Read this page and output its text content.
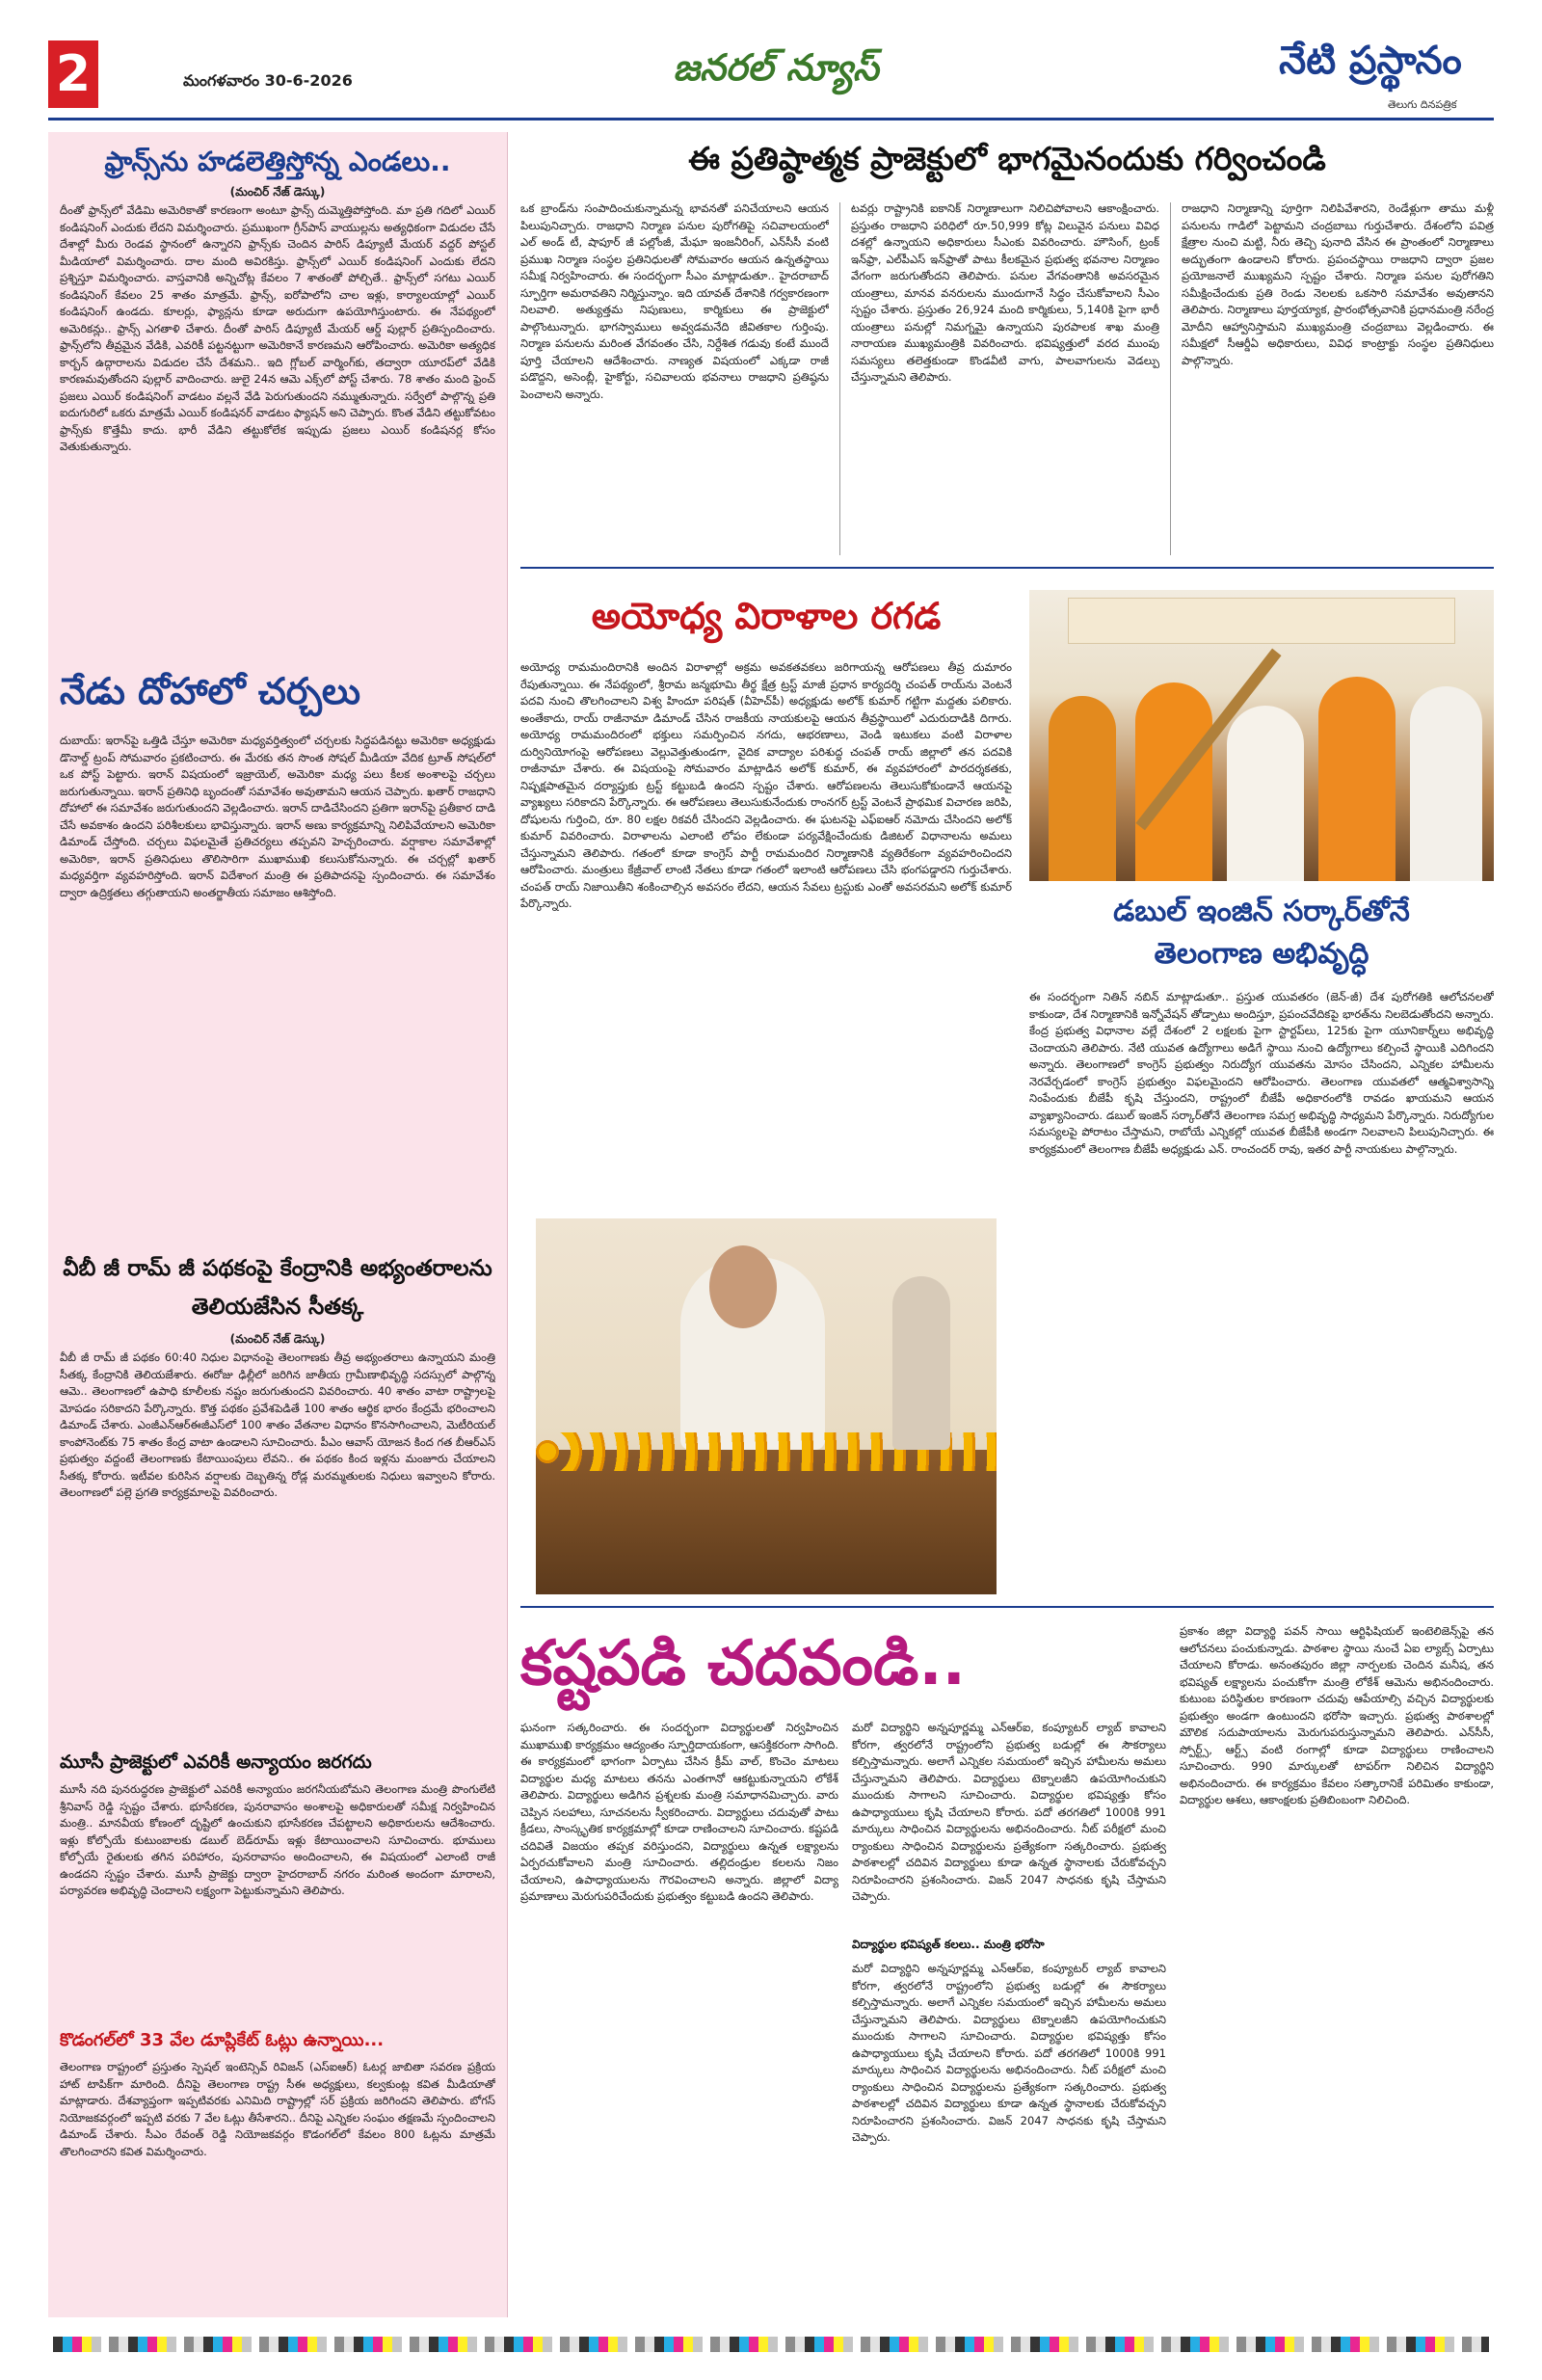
2	మంగళవారం 30-6-2026	జనరల్ న్యూస్	నేటి ప్రస్థానం
తెలుగు దినపత్రిక
ఫ్రాన్స్‌ను హడలెత్తిస్తోన్న ఎండలు..
(మంచిర్ నేజ్ డెస్కు)
దీంతో ఫ్రాన్స్‌లో వేడిమి అమెరికాతో కారణంగా అంటూ ఫ్రాన్స్ దుమ్మెత్తిపోస్తోంది. మా ప్రతి గదిలో ఎయిర్ కండిషనింగ్ ఎందుకు లేదని విమర్శించారు. ప్రముఖంగా గ్రీన్‌పాస్ వాయుల్లను అత్యధికంగా విడుదల చేసే దేశాల్లో మీరు రెండవ స్థానంలో ఉన్నారని ఫ్రాన్స్‌కు చెందిన పారిస్ డిప్యూటీ మేయర్ వద్దర్ పోస్టల్ మీడియాలో విమర్శించారు. దాల మంది అవిరకిస్తు. ఫ్రాన్స్‌లో ఎయిర్ కండిషనింగ్ ఎందుకు లేదని ప్రశ్నిస్తూ విమర్శించారు. వాస్తవానికి అన్నిచోట్ల కేవలం 7 శాతంతో పోల్చితే.. ఫ్రాన్స్‌లో సగటు ఎయిర్ కండిషనింగ్ కేవలం 25 శాతం మాత్రమే. ఫ్రాన్స్, ఐరోపాలోని చాల ఇళ్లు, కార్యాలయాల్లో ఎయిర్ కండిషనింగ్ ఉండదు. కూలర్లు, ఫ్యాన్లను కూడా అరుదుగా ఉపయోగిస్తుంటారు. ఈ నేపథ్యంలో అమెరికన్లు.. ఫ్రాన్స్ ఎగతాళి చేశారు. దీంతో పారిస్ డిప్యూటీ మేయర్ ఆర్డ్ పుల్లార్ ప్రతిస్పందించారు. ఫ్రాన్స్‌లోని తీవ్రమైన వేడికి, ఎవరికీ పట్టనట్టుగా అమెరికానే కారణమని ఆరోపించారు. అమెరికా అత్యధిక కార్బన్ ఉద్గారాలను విడుదల చేసే దేశమని.. ఇది గ్లోబల్ వార్మింగ్‌కు, తద్వారా యూరప్‌లో వేడికి కారణమవుతోందని పుల్లార్ వాదించారు. జులై 24న ఆమె ఎక్స్‌లో పోస్ట్ చేశారు. 78 శాతం మంది ఫ్రెంచ్ ప్రజలు ఎయిర్ కండిషనింగ్ వాడటం వల్లనే వేడి పెరుగుతుందని నమ్ముతున్నారు. సర్వేలో పాల్గొన్న ప్రతి ఐదుగురిలో ఒకరు మాత్రమే ఎయిర్ కండిషనర్ వాడటం ఫ్యాషన్ అని చెప్పారు. కొంత వేడిని తట్టుకోవటం ఫ్రాన్స్‌కు కొత్తేమీ కాదు. భారీ వేడిని తట్టుకోలేక ఇప్పుడు ప్రజలు ఎయిర్ కండిషనర్ల కోసం వెతుకుతున్నారు.
నేడు దోహాలో చర్చలు
దుబాయ్: ఇరాన్‌పై ఒత్తిడి చేస్తూ అమెరికా మధ్యవర్తిత్వంలో చర్చలకు సిద్ధపడినట్టు అమెరికా అధ్యక్షుడు డొనాల్డ్ ట్రంప్ సోమవారం ప్రకటించారు. ఈ మేరకు తన సొంత సోషల్ మీడియా వేదిక ట్రూత్ సోషల్‌లో ఒక పోస్ట్ పెట్టారు. ఇరాన్ విషయంలో ఇజ్రాయెల్, అమెరికా మధ్య పలు కీలక అంశాలపై చర్చలు జరుగుతున్నాయి. ఇరాన్ ప్రతినిధి బృందంతో సమావేశం అవుతామని ఆయన చెప్పారు. ఖతార్ రాజధాని దోహాలో ఈ సమావేశం జరుగుతుందని వెల్లడించారు. ఇరాన్ దాడిచేసిందని ప్రతిగా ఇరాన్‌పై ప్రతీకార దాడి చేసే అవకాశం ఉందని పరిశీలకులు భావిస్తున్నారు. ఇరాన్ అణు కార్యక్రమాన్ని నిలిపివేయాలని అమెరికా డిమాండ్ చేస్తోంది. చర్చలు విఫలమైతే ప్రతిచర్యలు తప్పవని హెచ్చరించారు. వర్షాకాల సమావేశాల్లో అమెరికా, ఇరాన్ ప్రతినిధులు తొలిసారిగా ముఖాముఖి కలుసుకోనున్నారు. ఈ చర్చల్లో ఖతార్ మధ్యవర్తిగా వ్యవహరిస్తోంది. ఇరాన్ విదేశాంగ మంత్రి ఈ ప్రతిపాదనపై స్పందించారు. ఈ సమావేశం ద్వారా ఉద్రిక్తతలు తగ్గుతాయని అంతర్జాతీయ సమాజం ఆశిస్తోంది.
వీబీ జీ రామ్ జీ పథకంపై కేంద్రానికి అభ్యంతరాలను తెలియజేసిన సీతక్క
(మంచిర్ నేజ్ డెస్కు)
వీబీ జీ రామ్ జీ పథకం 60:40 నిధుల విధానంపై తెలంగాణకు తీవ్ర అభ్యంతరాలు ఉన్నాయని మంత్రి సీతక్క కేంద్రానికి తెలియజేశారు. ఈరోజు ఢిల్లీలో జరిగిన జాతీయ గ్రామీణాభివృద్ధి సదస్సులో పాల్గొన్న ఆమె.. తెలంగాణలో ఉపాధి కూలీలకు నష్టం జరుగుతుందని వివరించారు. 40 శాతం వాటా రాష్ట్రాలపై మోపడం సరికాదని పేర్కొన్నారు. కొత్త పథకం ప్రవేశపెడితే 100 శాతం ఆర్థిక భారం కేంద్రమే భరించాలని డిమాండ్ చేశారు. ఎంజీఎన్ఆర్ఈజీఎస్‌లో 100 శాతం వేతనాల విధానం కొనసాగించాలని, మెటీరియల్ కాంపోనెంట్‌కు 75 శాతం కేంద్ర వాటా ఉండాలని సూచించారు. పీఎం ఆవాస్ యోజన కింద గత బీఆర్ఎస్ ప్రభుత్వం వద్దంటే తెలంగాణకు కేటాయింపులు లేవని.. ఈ పథకం కింద ఇళ్లను మంజూరు చేయాలని సీతక్క కోరారు. ఇటీవల కురిసిన వర్షాలకు దెబ్బతిన్న రోడ్ల మరమ్మతులకు నిధులు ఇవ్వాలని కోరారు. తెలంగాణలో పల్లె ప్రగతి కార్యక్రమాలపై వివరించారు.
మూసీ ప్రాజెక్టులో ఎవరికీ అన్యాయం జరగదు
మూసీ నది పునరుద్ధరణ ప్రాజెక్టులో ఎవరికీ అన్యాయం జరగనీయబోమని తెలంగాణ మంత్రి పొంగులేటి శ్రీనివాస్ రెడ్డి స్పష్టం చేశారు. భూసేకరణ, పునరావాసం అంశాలపై అధికారులతో సమీక్ష నిర్వహించిన మంత్రి.. మానవీయ కోణంలో దృష్టిలో ఉంచుకుని భూసేకరణ చేపట్టాలని అధికారులను ఆదేశించారు. ఇళ్లు కోల్పోయే కుటుంబాలకు డబుల్ బెడ్‌రూమ్ ఇళ్లు కేటాయించాలని సూచించారు. భూములు కోల్పోయే రైతులకు తగిన పరిహారం, పునరావాసం అందించాలని, ఈ విషయంలో ఎలాంటి రాజీ ఉండదని స్పష్టం చేశారు. మూసీ ప్రాజెక్టు ద్వారా హైదరాబాద్ నగరం మరింత అందంగా మారాలని, పర్యావరణ అభివృద్ధి చెందాలని లక్ష్యంగా పెట్టుకున్నామని తెలిపారు.
కొడంగల్‌లో 33 వేల డూప్లికేట్ ఓట్లు ఉన్నాయి...
తెలంగాణ రాష్ట్రంలో ప్రస్తుతం స్పెషల్ ఇంటెన్సివ్ రివిజన్ (ఎస్ఐఆర్) ఓటర్ల జాబితా సవరణ ప్రక్రియ హాట్ టాపిక్‌గా మారింది. దీనిపై తెలంగాణ రాష్ట్ర సీఈ అధ్యక్షులు, కల్వకుంట్ల కవిత మీడియాతో మాట్లాడారు. దేశవ్యాప్తంగా ఇప్పటివరకు ఎనిమిది రాష్ట్రాల్లో సర్ ప్రక్రియ జరిగిందని తెలిపారు. బోగస్ నియోజకవర్గంలో ఇప్పటి వరకు 7 వేల ఓట్లు తీసేశారని.. దీనిపై ఎన్నికల సంఘం తక్షణమే స్పందించాలని డిమాండ్ చేశారు. సీఎం రేవంత్ రెడ్డి నియోజకవర్గం కొడంగల్‌లో కేవలం 800 ఓట్లను మాత్రమే తొలగించారని కవిత విమర్శించారు.
ఈ ప్రతిష్ఠాత్మక ప్రాజెక్టులో భాగమైనందుకు గర్వించండి
ఒక బ్రాండ్‌ను సంపాదించుకున్నామన్న భావనతో పనిచేయాలని ఆయన పిలుపునిచ్చారు. రాజధాని నిర్మాణ పనుల పురోగతిపై సచివాలయంలో ఎల్ అండ్ టీ, షాపూర్ జీ పల్లోంజీ, మేఘా ఇంజనీరింగ్, ఎన్‌సీసీ వంటి ప్రముఖ నిర్మాణ సంస్థల ప్రతినిధులతో సోమవారం ఆయన ఉన్నతస్థాయి సమీక్ష నిర్వహించారు. ఈ సందర్భంగా సీఎం మాట్లాడుతూ.. హైదరాబాద్ స్ఫూర్తిగా అమరావతిని నిర్మిస్తున్నాం. ఇది యావత్ దేశానికి గర్వకారణంగా నిలవాలి. అత్యుత్తమ నిపుణులు, కార్మికులు ఈ ప్రాజెక్టులో పాల్గొంటున్నారు. భాగస్వాములు అవ్వడమనేది జీవితకాల గుర్తింపు. నిర్మాణ పనులను మరింత వేగవంతం చేసి, నిర్దేశిత గడువు కంటే ముందే పూర్తి చేయాలని ఆదేశించారు. నాణ్యత విషయంలో ఎక్కడా రాజీ పడొద్దని, అసెంబ్లీ, హైకోర్టు, సచివాలయ భవనాలు రాజధాని ప్రతిష్ఠను పెంచాలని అన్నారు.
టవర్లు రాష్ట్రానికి ఐకానిక్ నిర్మాణాలుగా నిలిచిపోవాలని ఆకాంక్షించారు. ప్రస్తుతం రాజధాని పరిధిలో రూ.50,999 కోట్ల విలువైన పనులు వివిధ దశల్లో ఉన్నాయని అధికారులు సీఎంకు వివరించారు. హౌసింగ్, ట్రంక్ ఇన్‌ఫ్రా, ఎల్‌పీఎస్ ఇన్‌ఫ్రాతో పాటు కీలకమైన ప్రభుత్వ భవనాల నిర్మాణం వేగంగా జరుగుతోందని తెలిపారు. పనుల వేగవంతానికి అవసరమైన యంత్రాలు, మానవ వనరులను ముందుగానే సిద్ధం చేసుకోవాలని సీఎం స్పష్టం చేశారు. ప్రస్తుతం 26,924 మంది కార్మికులు, 5,140కి పైగా భారీ యంత్రాలు పనుల్లో నిమగ్నమై ఉన్నాయని పురపాలక శాఖ మంత్రి నారాయణ ముఖ్యమంత్రికి వివరించారు. భవిష్యత్తులో వరద ముంపు సమస్యలు తలెత్తకుండా కొండవీటి వాగు, పాలవాగులను వెడల్పు చేస్తున్నామని తెలిపారు.
రాజధాని నిర్మాణాన్ని పూర్తిగా నిలిపివేశారని, రెండేళ్లుగా తాము మళ్లీ పనులను గాడిలో పెట్టామని చంద్రబాబు గుర్తుచేశారు. దేశంలోని పవిత్ర క్షేత్రాల నుంచి మట్టి, నీరు తెచ్చి పునాది వేసిన ఈ ప్రాంతంలో నిర్మాణాలు అద్భుతంగా ఉండాలని కోరారు. ప్రపంచస్థాయి రాజధాని ద్వారా ప్రజల ప్రయోజనాలే ముఖ్యమని స్పష్టం చేశారు. నిర్మాణ పనుల పురోగతిని సమీక్షించేందుకు ప్రతి రెండు నెలలకు ఒకసారి సమావేశం అవుతానని తెలిపారు. నిర్మాణాలు పూర్తయ్యాక, ప్రారంభోత్సవానికి ప్రధానమంత్రి నరేంద్ర మోదీని ఆహ్వానిస్తామని ముఖ్యమంత్రి చంద్రబాబు వెల్లడించారు. ఈ సమీక్షలో సీఆర్డీఏ అధికారులు, వివిధ కాంట్రాక్టు సంస్థల ప్రతినిధులు పాల్గొన్నారు.
అయోధ్య విరాళాల రగడ
అయోధ్య రామమందిరానికి అందిన విరాళాల్లో అక్రమ అవకతవకలు జరిగాయన్న ఆరోపణలు తీవ్ర దుమారం రేపుతున్నాయి. ఈ నేపథ్యంలో, శ్రీరామ జన్మభూమి తీర్థ క్షేత్ర ట్రస్ట్ మాజీ ప్రధాన కార్యదర్శి చంపత్ రాయ్‌ను వెంటనే పదవి నుంచి తొలగించాలని విశ్వ హిందూ పరిషత్ (వీహెచ్‌పీ) అధ్యక్షుడు అలోక్ కుమార్ గట్టిగా మద్దతు పలికారు. అంతేకాదు, రాయ్ రాజీనామా డిమాండ్ చేసిన రాజకీయ నాయకులపై ఆయన తీవ్రస్థాయిలో ఎదురుదాడికి దిగారు. అయోధ్య రామమందిరంలో భక్తులు సమర్పించిన నగదు, ఆభరణాలు, వెండి ఇటుకలు వంటి విరాళాల దుర్వినియోగంపై ఆరోపణలు వెల్లువెత్తుతుండగా, వైదిక వాద్యాల పరిశుద్ధ చంపత్ రాయ్ జిల్లాలో తన పదవికి రాజీనామా చేశారు. ఈ విషయంపై సోమవారం మాట్లాడిన అలోక్ కుమార్, ఈ వ్యవహారంలో పారదర్శకతకు, నిష్పక్షపాతమైన దర్యాప్తుకు ట్రస్ట్ కట్టుబడి ఉందని స్పష్టం చేశారు. ఆరోపణలను తెలుసుకోకుండానే ఆయనపై వ్యాఖ్యలు సరికాదని పేర్కొన్నారు. ఈ ఆరోపణలు తెలుసుకునేందుకు రాంనగర్ ట్రస్ట్ వెంటనే ప్రాథమిక విచారణ జరిపి, దోషులను గుర్తించి, రూ. 80 లక్షల రికవరీ చేసిందని వెల్లడించారు. ఈ ఘటనపై ఎఫ్ఐఆర్ నమోదు చేసిందని అలోక్ కుమార్ వివరించారు. విరాళాలను ఎలాంటి లోపం లేకుండా పర్యవేక్షించేందుకు డిజిటల్ విధానాలను అమలు చేస్తున్నామని తెలిపారు. గతంలో కూడా కాంగ్రెస్ పార్టీ రామమందిర నిర్మాణానికి వ్యతిరేకంగా వ్యవహరించిందని ఆరోపించారు. మంత్రులు కేజ్రీవాల్ లాంటి నేతలు కూడా గతంలో ఇలాంటి ఆరోపణలు చేసి భంగపడ్డారని గుర్తుచేశారు. చంపత్ రాయ్ నిజాయితీని శంకించాల్సిన అవసరం లేదని, ఆయన సేవలు ట్రస్టుకు ఎంతో అవసరమని అలోక్ కుమార్ పేర్కొన్నారు.	డబుల్ ఇంజిన్ సర్కార్‌తోనే
తెలంగాణ అభివృద్ధి
ఈ సందర్భంగా నితిన్ నబిన్ మాట్లాడుతూ.. ప్రస్తుత యువతరం (జెన్-జీ) దేశ పురోగతికి ఆలోచనలతో కాకుండా, దేశ నిర్మాణానికి ఇన్నోవేషన్ తోడ్పాటు అందిస్తూ, ప్రపంచవేదికపై భారత్‌ను నిలబెడుతోందని అన్నారు. కేంద్ర ప్రభుత్వ విధానాల వల్లే దేశంలో 2 లక్షలకు పైగా స్టార్టప్‌లు, 125కు పైగా యూనికార్న్‌లు అభివృద్ధి చెందాయని తెలిపారు. నేటి యువత ఉద్యోగాలు అడిగే స్థాయి నుంచి ఉద్యోగాలు కల్పించే స్థాయికి ఎదిగిందని అన్నారు. తెలంగాణలో కాంగ్రెస్ ప్రభుత్వం నిరుద్యోగ యువతను మోసం చేసిందని, ఎన్నికల హామీలను నెరవేర్చడంలో కాంగ్రెస్ ప్రభుత్వం విఫలమైందని ఆరోపించారు. తెలంగాణ యువతలో ఆత్మవిశ్వాసాన్ని నింపేందుకు బీజేపీ కృషి చేస్తుందని, రాష్ట్రంలో బీజేపీ అధికారంలోకి రావడం ఖాయమని ఆయన వ్యాఖ్యానించారు. డబుల్ ఇంజిన్ సర్కార్‌తోనే తెలంగాణ సమగ్ర అభివృద్ధి సాధ్యమని పేర్కొన్నారు. నిరుద్యోగుల సమస్యలపై పోరాటం చేస్తామని, రాబోయే ఎన్నికల్లో యువత బీజేపీకి అండగా నిలవాలని పిలుపునిచ్చారు. ఈ కార్యక్రమంలో తెలంగాణ బీజేపీ అధ్యక్షుడు ఎన్. రాంచందర్ రావు, ఇతర పార్టీ నాయకులు పాల్గొన్నారు.
కష్టపడి చదవండి..
ఘనంగా సత్కరించారు. ఈ సందర్భంగా విద్యార్థులతో నిర్వహించిన ముఖాముఖి కార్యక్రమం ఆద్యంతం స్ఫూర్తిదాయకంగా, ఆసక్తికరంగా సాగింది. ఈ కార్యక్రమంలో భాగంగా ఏర్పాటు చేసిన క్రీమ్ వాల్, కొంచెం మాటలు విద్యార్థుల మధ్య మాటలు తనను ఎంతగానో ఆకట్టుకున్నాయని లోకేశ్ తెలిపారు. విద్యార్థులు అడిగిన ప్రశ్నలకు మంత్రి సమాధానమిచ్చారు. వారు చెప్పిన సలహాలు, సూచనలను స్వీకరించారు. విద్యార్థులు చదువుతో పాటు క్రీడలు, సాంస్కృతిక కార్యక్రమాల్లో కూడా రాణించాలని సూచించారు. కష్టపడి చదివితే విజయం తప్పక వరిస్తుందని, విద్యార్థులు ఉన్నత లక్ష్యాలను ఏర్పరచుకోవాలని మంత్రి సూచించారు. తల్లిదండ్రుల కలలను నిజం చేయాలని, ఉపాధ్యాయులను గౌరవించాలని అన్నారు. జిల్లాలో విద్యా ప్రమాణాలు మెరుగుపరిచేందుకు ప్రభుత్వం కట్టుబడి ఉందని తెలిపారు.
మరో విద్యార్థిని అన్నపూర్ణమ్మ ఎన్ఆర్ఐ, కంప్యూటర్ ల్యాబ్ కావాలని కోరగా, త్వరలోనే రాష్ట్రంలోని ప్రభుత్వ బడుల్లో ఈ సౌకర్యాలు కల్పిస్తామన్నారు. అలాగే ఎన్నికల సమయంలో ఇచ్చిన హామీలను అమలు చేస్తున్నామని తెలిపారు. విద్యార్థులు టెక్నాలజీని ఉపయోగించుకుని ముందుకు సాగాలని సూచించారు. విద్యార్థుల భవిష్యత్తు కోసం ఉపాధ్యాయులు కృషి చేయాలని కోరారు. పదో తరగతిలో 1000కి 991 మార్కులు సాధించిన విద్యార్థులను అభినందించారు. నీట్ పరీక్షలో మంచి ర్యాంకులు సాధించిన విద్యార్థులను ప్రత్యేకంగా సత్కరించారు. ప్రభుత్వ పాఠశాలల్లో చదివిన విద్యార్థులు కూడా ఉన్నత స్థానాలకు చేరుకోవచ్చని నిరూపించారని ప్రశంసించారు. విజన్ 2047 సాధనకు కృషి చేస్తామని చెప్పారు.
విద్యార్థుల భవిష్యత్ కలలు.. మంత్రి భరోసా
మరో విద్యార్థిని అన్నపూర్ణమ్మ ఎన్ఆర్ఐ, కంప్యూటర్ ల్యాబ్ కావాలని కోరగా, త్వరలోనే రాష్ట్రంలోని ప్రభుత్వ బడుల్లో ఈ సౌకర్యాలు కల్పిస్తామన్నారు. అలాగే ఎన్నికల సమయంలో ఇచ్చిన హామీలను అమలు చేస్తున్నామని తెలిపారు. విద్యార్థులు టెక్నాలజీని ఉపయోగించుకుని ముందుకు సాగాలని సూచించారు. విద్యార్థుల భవిష్యత్తు కోసం ఉపాధ్యాయులు కృషి చేయాలని కోరారు. పదో తరగతిలో 1000కి 991 మార్కులు సాధించిన విద్యార్థులను అభినందించారు. నీట్ పరీక్షలో మంచి ర్యాంకులు సాధించిన విద్యార్థులను ప్రత్యేకంగా సత్కరించారు. ప్రభుత్వ పాఠశాలల్లో చదివిన విద్యార్థులు కూడా ఉన్నత స్థానాలకు చేరుకోవచ్చని నిరూపించారని ప్రశంసించారు. విజన్ 2047 సాధనకు కృషి చేస్తామని చెప్పారు.
ప్రకాశం జిల్లా విద్యార్థి పవన్ సాయి ఆర్టిఫిషియల్ ఇంటెలిజెన్స్‌పై తన ఆలోచనలు పంచుకున్నాడు. పాఠశాల స్థాయి నుంచే ఏఐ ల్యాబ్స్ ఏర్పాటు చేయాలని కోరాడు. అనంతపురం జిల్లా నార్పలకు చెందిన మనీష, తన భవిష్యత్ లక్ష్యాలను పంచుకోగా మంత్రి లోకేశ్ ఆమెను అభినందించారు. కుటుంబ పరిస్థితుల కారణంగా చదువు ఆపేయాల్సి వచ్చిన విద్యార్థులకు ప్రభుత్వం అండగా ఉంటుందని భరోసా ఇచ్చారు. ప్రభుత్వ పాఠశాలల్లో మౌలిక సదుపాయాలను మెరుగుపరుస్తున్నామని తెలిపారు. ఎన్‌సీసీ, స్పోర్ట్స్, ఆర్ట్స్ వంటి రంగాల్లో కూడా విద్యార్థులు రాణించాలని సూచించారు. 990 మార్కులతో టాపర్‌గా నిలిచిన విద్యార్థిని అభినందించారు. ఈ కార్యక్రమం కేవలం సత్కారానికే పరిమితం కాకుండా, విద్యార్థుల ఆశలు, ఆకాంక్షలకు ప్రతిబింబంగా నిలిచింది.
